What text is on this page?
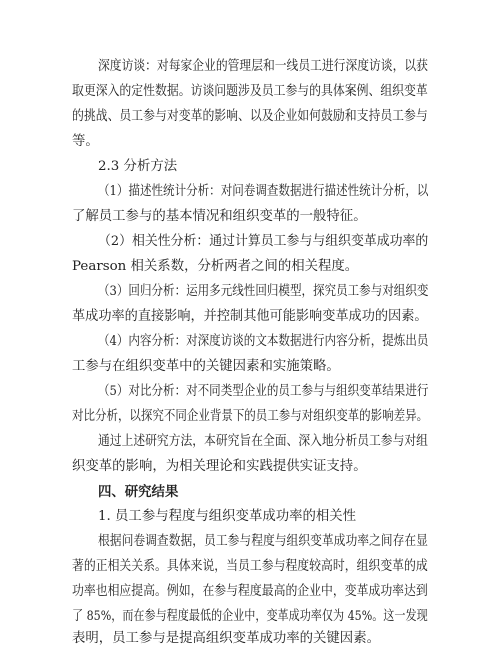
深度访谈：对每家企业的管理层和一线员工进行深度访谈，以获
取更深入的定性数据。访谈问题涉及员工参与的具体案例、组织变革
的挑战、员工参与对变革的影响、以及企业如何鼓励和支持员工参与
等。
2.3 分析方法
（1）描述性统计分析：对问卷调查数据进行描述性统计分析，以
了解员工参与的基本情况和组织变革的一般特征。
（2）相关性分析：通过计算员工参与与组织变革成功率的
Pearson 相关系数，分析两者之间的相关程度。
（3）回归分析：运用多元线性回归模型，探究员工参与对组织变
革成功率的直接影响，并控制其他可能影响变革成功的因素。
（4）内容分析：对深度访谈的文本数据进行内容分析，提炼出员
工参与在组织变革中的关键因素和实施策略。
（5）对比分析：对不同类型企业的员工参与与组织变革结果进行
对比分析，以探究不同企业背景下的员工参与对组织变革的影响差异。
通过上述研究方法，本研究旨在全面、深入地分析员工参与对组
织变革的影响，为相关理论和实践提供实证支持。
四、研究结果
1. 员工参与程度与组织变革成功率的相关性
根据问卷调查数据，员工参与程度与组织变革成功率之间存在显
著的正相关关系。具体来说，当员工参与程度较高时，组织变革的成
功率也相应提高。例如，在参与程度最高的企业中，变革成功率达到
了 85%，而在参与程度最低的企业中，变革成功率仅为 45%。这一发现
表明，员工参与是提高组织变革成功率的关键因素。
